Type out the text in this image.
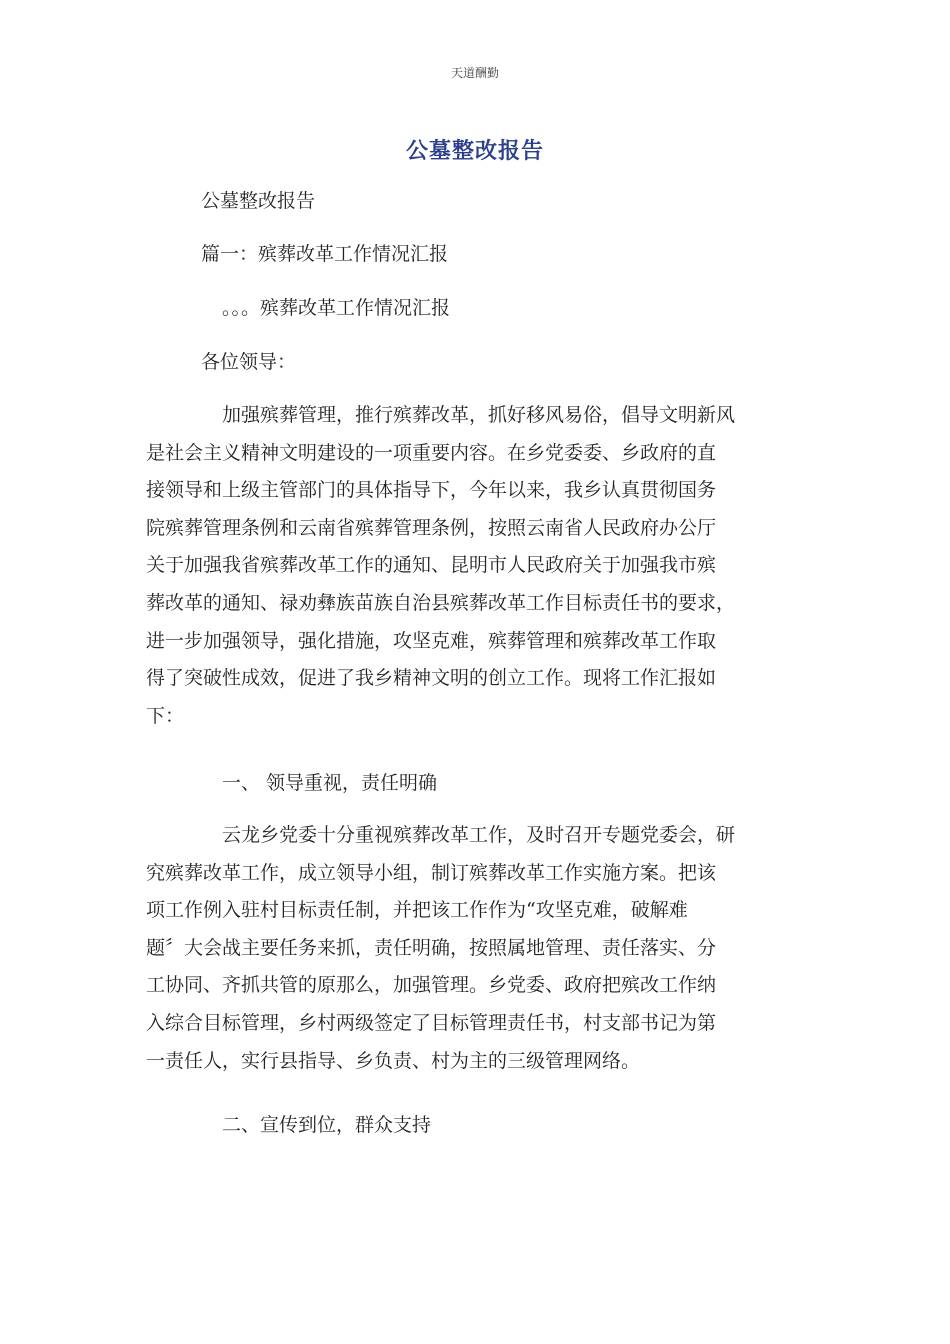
天道酬勤
公墓整改报告
公墓整改报告
篇一：殡葬改革工作情况汇报
。。。殡葬改革工作情况汇报
各位领导：
加强殡葬管理，推行殡葬改革，抓好移风易俗，倡导文明新风
是社会主义精神文明建设的一项重要内容。在乡党委委、乡政府的直
接领导和上级主管部门的具体指导下，今年以来，我乡认真贯彻国务
院殡葬管理条例和云南省殡葬管理条例，按照云南省人民政府办公厅
关于加强我省殡葬改革工作的通知、昆明市人民政府关于加强我市殡
葬改革的通知、禄劝彝族苗族自治县殡葬改革工作目标责任书的要求，
进一步加强领导，强化措施，攻坚克难，殡葬管理和殡葬改革工作取
得了突破性成效，促进了我乡精神文明的创立工作。现将工作汇报如
下：
一、 领导重视，责任明确
云龙乡党委十分重视殡葬改革工作，及时召开专题党委会，研
究殡葬改革工作，成立领导小组，制订殡葬改革工作实施方案。把该
项工作例入驻村目标责任制，并把该工作作为“攻坚克难，破解难
题〞大会战主要任务来抓，责任明确，按照属地管理、责任落实、分
工协同、齐抓共管的原那么，加强管理。乡党委、政府把殡改工作纳
入综合目标管理，乡村两级签定了目标管理责任书，村支部书记为第
一责任人，实行县指导、乡负责、村为主的三级管理网络。
二、宣传到位，群众支持
